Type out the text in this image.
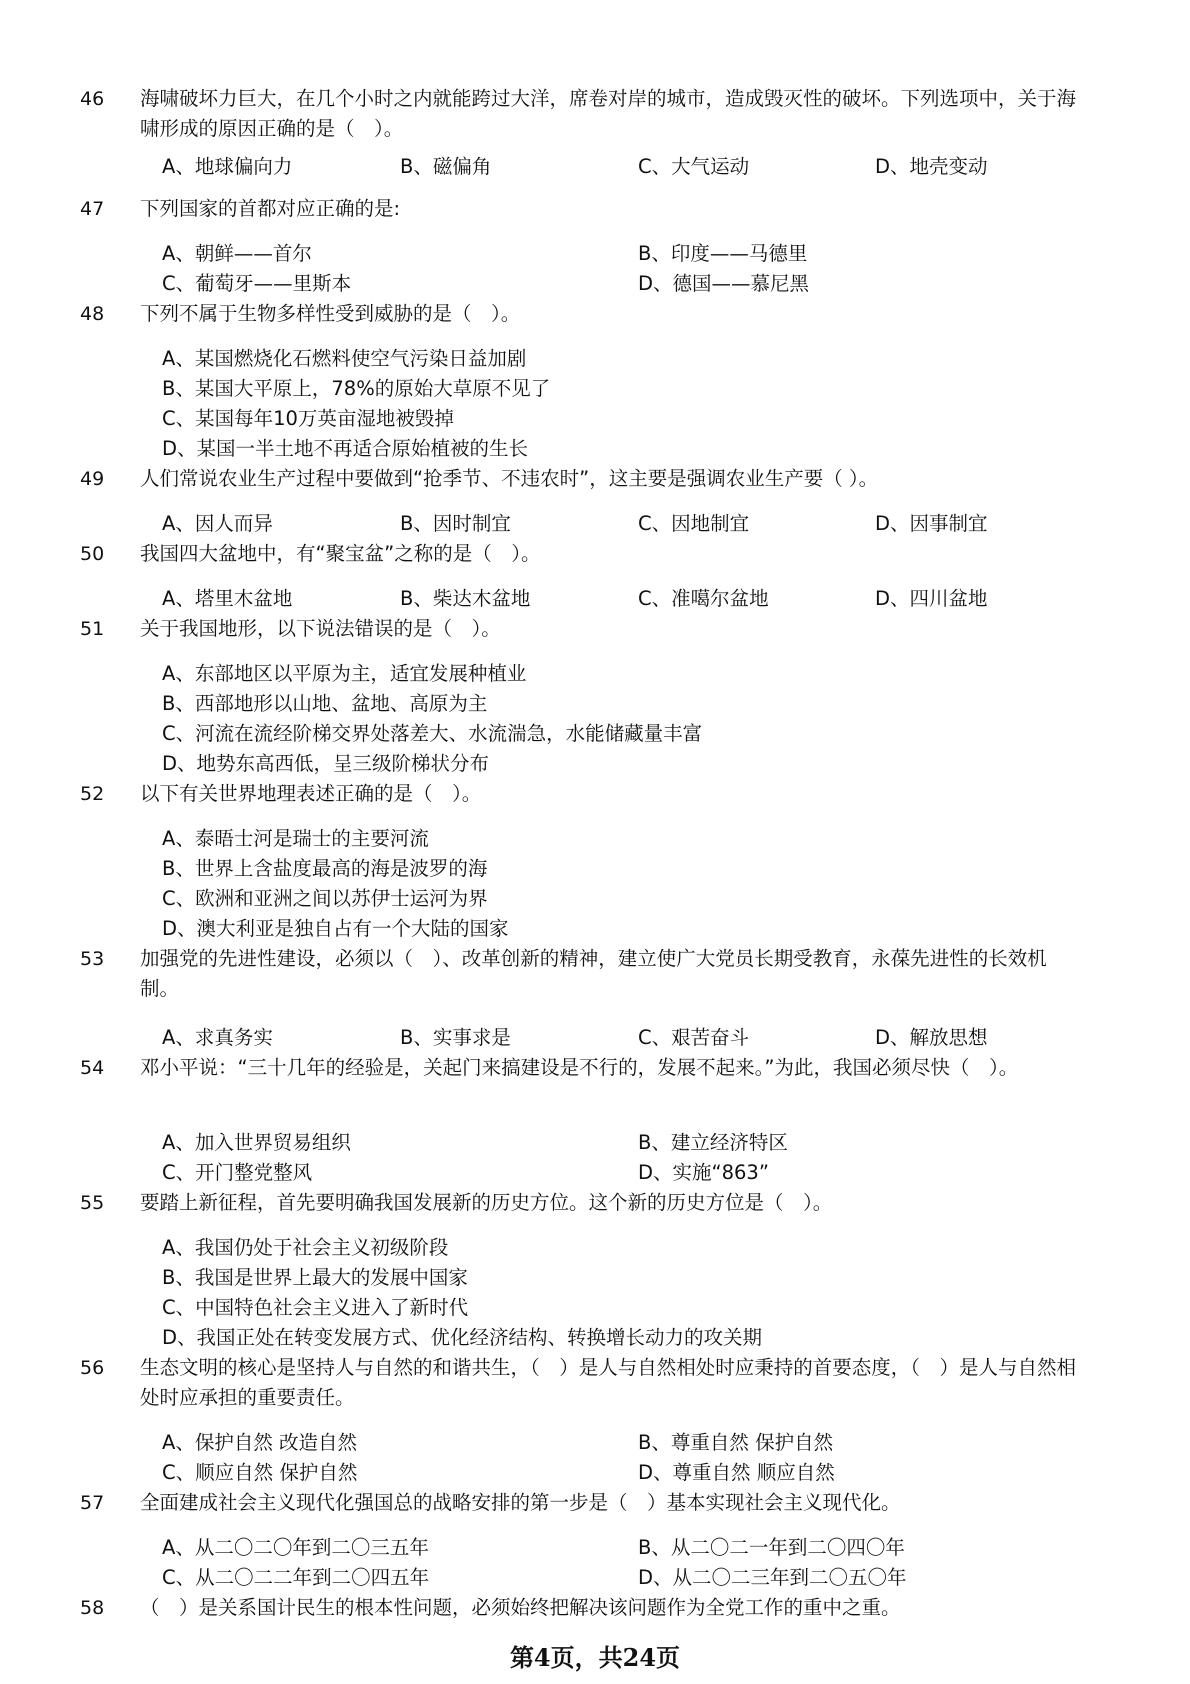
46 海啸破坏力巨大，在几个小时之内就能跨过大洋，席卷对岸的城市，造成毁灭性的破坏。下列选项中，关于海啸形成的原因正确的是（　）。
A、地球偏向力	B、磁偏角	C、大气运动	D、地壳变动
47 下列国家的首都对应正确的是:
A、朝鲜——首尔	B、印度——马德里
C、葡萄牙——里斯本	D、德国——慕尼黑
48 下列不属于生物多样性受到威胁的是（　）。
A、某国燃烧化石燃料使空气污染日益加剧
B、某国大平原上，78%的原始大草原不见了
C、某国每年10万英亩湿地被毁掉
D、某国一半土地不再适合原始植被的生长
49 人们常说农业生产过程中要做到“抢季节、不违农时”，这主要是强调农业生产要（ ）。
A、因人而异	B、因时制宜	C、因地制宜	D、因事制宜
50 我国四大盆地中，有“聚宝盆”之称的是（　）。
A、塔里木盆地	B、柴达木盆地	C、准噶尔盆地	D、四川盆地
51 关于我国地形，以下说法错误的是（　）。
A、东部地区以平原为主，适宜发展种植业
B、西部地形以山地、盆地、高原为主
C、河流在流经阶梯交界处落差大、水流湍急，水能储藏量丰富
D、地势东高西低，呈三级阶梯状分布
52 以下有关世界地理表述正确的是（　）。
A、泰晤士河是瑞士的主要河流
B、世界上含盐度最高的海是波罗的海
C、欧洲和亚洲之间以苏伊士运河为界
D、澳大利亚是独自占有一个大陆的国家
53 加强党的先进性建设，必须以（　）、改革创新的精神，建立使广大党员长期受教育，永葆先进性的长效机制。
A、求真务实	B、实事求是	C、艰苦奋斗	D、解放思想
54 邓小平说：“三十几年的经验是，关起门来搞建设是不行的，发展不起来。”为此，我国必须尽快（　）。
A、加入世界贸易组织	B、建立经济特区
C、开门整党整风	D、实施“863”
55 要踏上新征程，首先要明确我国发展新的历史方位。这个新的历史方位是（　）。
A、我国仍处于社会主义初级阶段
B、我国是世界上最大的发展中国家
C、中国特色社会主义进入了新时代
D、我国正处在转变发展方式、优化经济结构、转换增长动力的攻关期
56 生态文明的核心是坚持人与自然的和谐共生，（　）是人与自然相处时应秉持的首要态度，（　）是人与自然相处时应承担的重要责任。
A、保护自然 改造自然	B、尊重自然 保护自然
C、顺应自然 保护自然	D、尊重自然 顺应自然
57 全面建成社会主义现代化强国总的战略安排的第一步是（　）基本实现社会主义现代化。
A、从二〇二〇年到二〇三五年	B、从二〇二一年到二〇四〇年
C、从二〇二二年到二〇四五年	D、从二〇二三年到二〇五〇年
58 （　）是关系国计民生的根本性问题，必须始终把解决该问题作为全党工作的重中之重。
第4页，共24页
